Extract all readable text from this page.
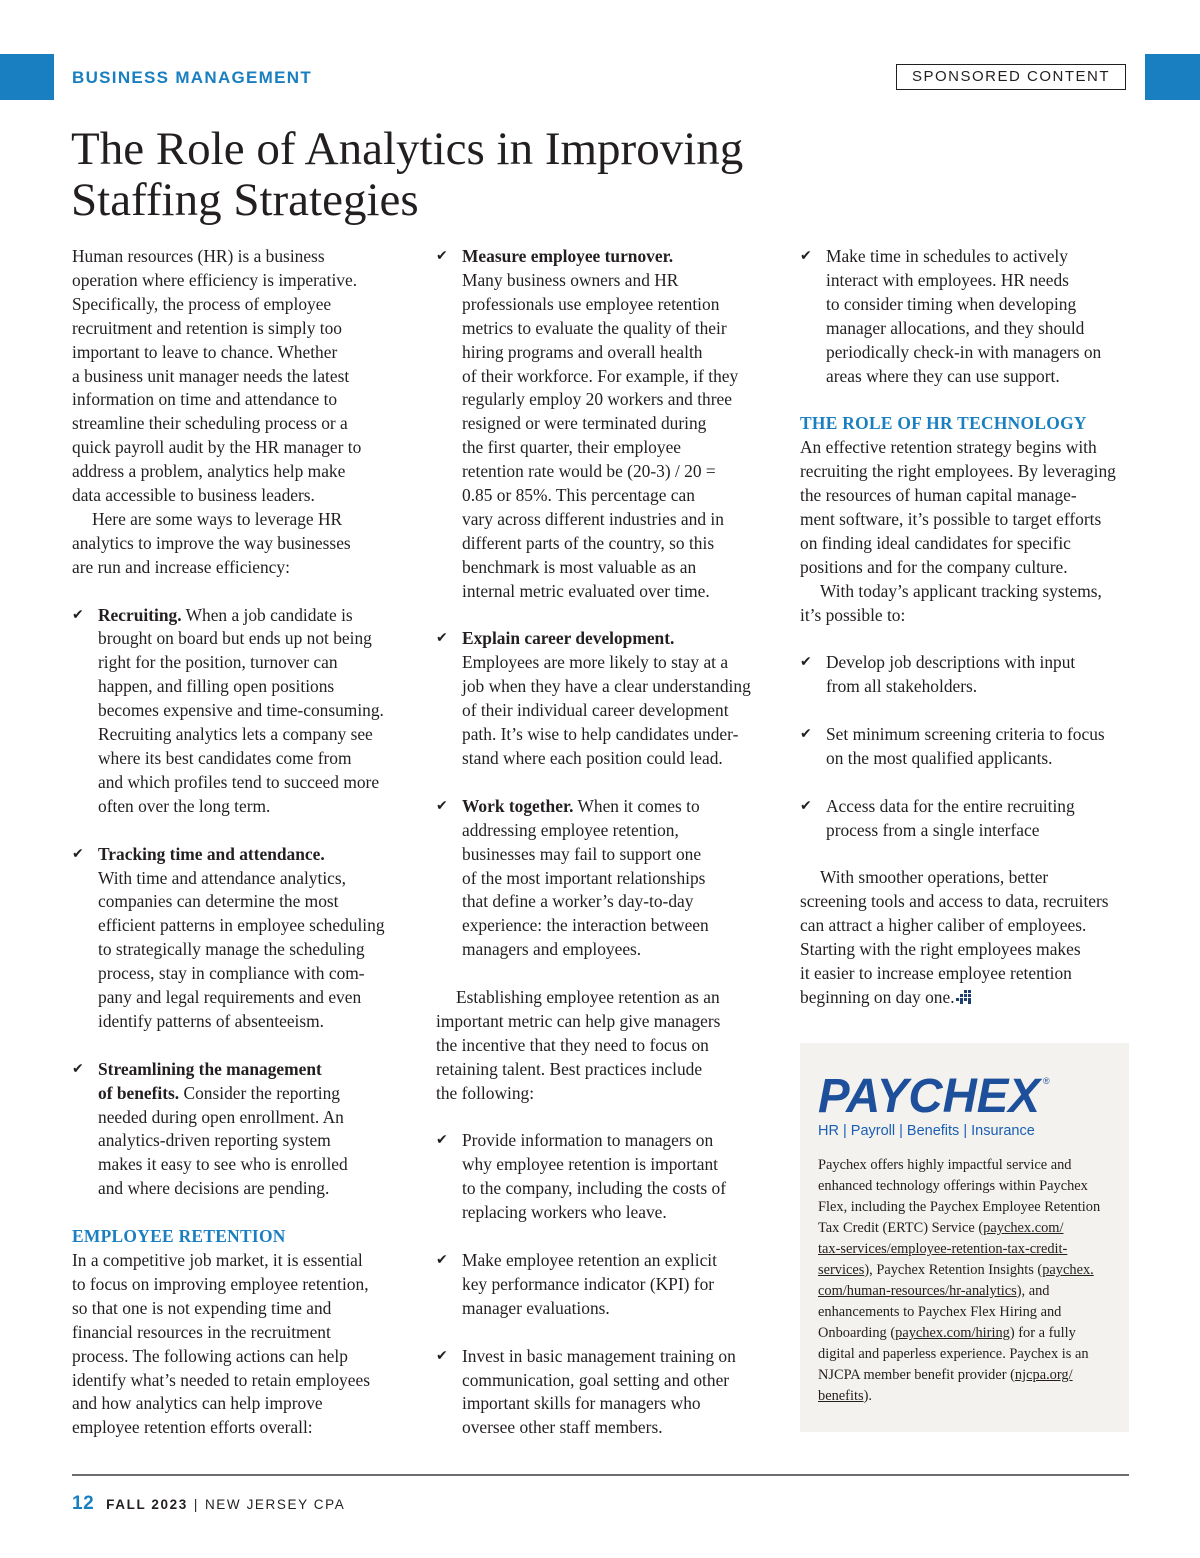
BUSINESS MANAGEMENT	SPONSORED CONTENT
The Role of Analytics in Improving
Staffing Strategies

Human resources (HR) is a business
operation where efficiency is imperative.
Specifically, the process of employee
recruitment and retention is simply too
important to leave to chance. Whether
a business unit manager needs the latest
information on time and attendance to
streamline their scheduling process or a
quick payroll audit by the HR manager to
address a problem, analytics help make
data accessible to business leaders.

Here are some ways to leverage HR
analytics to improve the way businesses
are run and increase efficiency:

✔ Recruiting. When a job candidate is
brought on board but ends up not being
right for the position, turnover can
happen, and filling open positions
becomes expensive and time-consuming.
Recruiting analytics lets a company see
where its best candidates come from
and which profiles tend to succeed more
often over the long term.
✔ Tracking time and attendance.
With time and attendance analytics,
companies can determine the most
efficient patterns in employee scheduling
to strategically manage the scheduling
process, stay in compliance with com-
pany and legal requirements and even
identify patterns of absenteeism.
✔ Streamlining the management
of benefits. Consider the reporting
needed during open enrollment. An
analytics-driven reporting system
makes it easy to see who is enrolled
and where decisions are pending.
EMPLOYEE RETENTION

In a competitive job market, it is essential
to focus on improving employee retention,
so that one is not expending time and
financial resources in the recruitment
process. The following actions can help
identify what’s needed to retain employees
and how analytics can help improve
employee retention efforts overall:

✔ Measure employee turnover.
Many business owners and HR
professionals use employee retention
metrics to evaluate the quality of their
hiring programs and overall health
of their workforce. For example, if they
regularly employ 20 workers and three
resigned or were terminated during
the first quarter, their employee
retention rate would be (20-3) / 20 =
0.85 or 85%. This percentage can
vary across different industries and in
different parts of the country, so this
benchmark is most valuable as an
internal metric evaluated over time.
✔ Explain career development.
Employees are more likely to stay at a
job when they have a clear understanding
of their individual career development
path. It’s wise to help candidates under-
stand where each position could lead.
✔ Work together. When it comes to
addressing employee retention,
businesses may fail to support one
of the most important relationships
that define a worker’s day-to-day
experience: the interaction between
managers and employees.

Establishing employee retention as an
important metric can help give managers
the incentive that they need to focus on
retaining talent. Best practices include
the following:

✔ Provide information to managers on
why employee retention is important
to the company, including the costs of
replacing workers who leave.
✔ Make employee retention an explicit
key performance indicator (KPI) for
manager evaluations.
✔ Invest in basic management training on
communication, goal setting and other
important skills for managers who
oversee other staff members.
✔ Make time in schedules to actively
interact with employees. HR needs
to consider timing when developing
manager allocations, and they should
periodically check-in with managers on
areas where they can use support.
THE ROLE OF HR TECHNOLOGY

An effective retention strategy begins with
recruiting the right employees. By leveraging
the resources of human capital manage-
ment software, it’s possible to target efforts
on finding ideal candidates for specific
positions and for the company culture.

With today’s applicant tracking systems,
it’s possible to:

✔ Develop job descriptions with input
from all stakeholders.
✔ Set minimum screening criteria to focus
on the most qualified applicants.
✔ Access data for the entire recruiting
process from a single interface

With smoother operations, better
screening tools and access to data, recruiters
can attract a higher caliber of employees.
Starting with the right employees makes
it easier to increase employee retention
beginning on day one.

PAYCHEX ®
HR | Payroll | Benefits | Insurance
Paychex offers highly impactful service and
enhanced technology offerings within Paychex
Flex, including the Paychex Employee Retention
Tax Credit (ERTC) Service (paychex.com/
tax-services/employee-retention-tax-credit-
services), Paychex Retention Insights (paychex.
com/human-resources/hr-analytics), and
enhancements to Paychex Flex Hiring and
Onboarding (paychex.com/hiring) for a fully
digital and paperless experience. Paychex is an
NJCPA member benefit provider (njcpa.org/
benefits).
12 FALL 2023 | NEW JERSEY CPA
